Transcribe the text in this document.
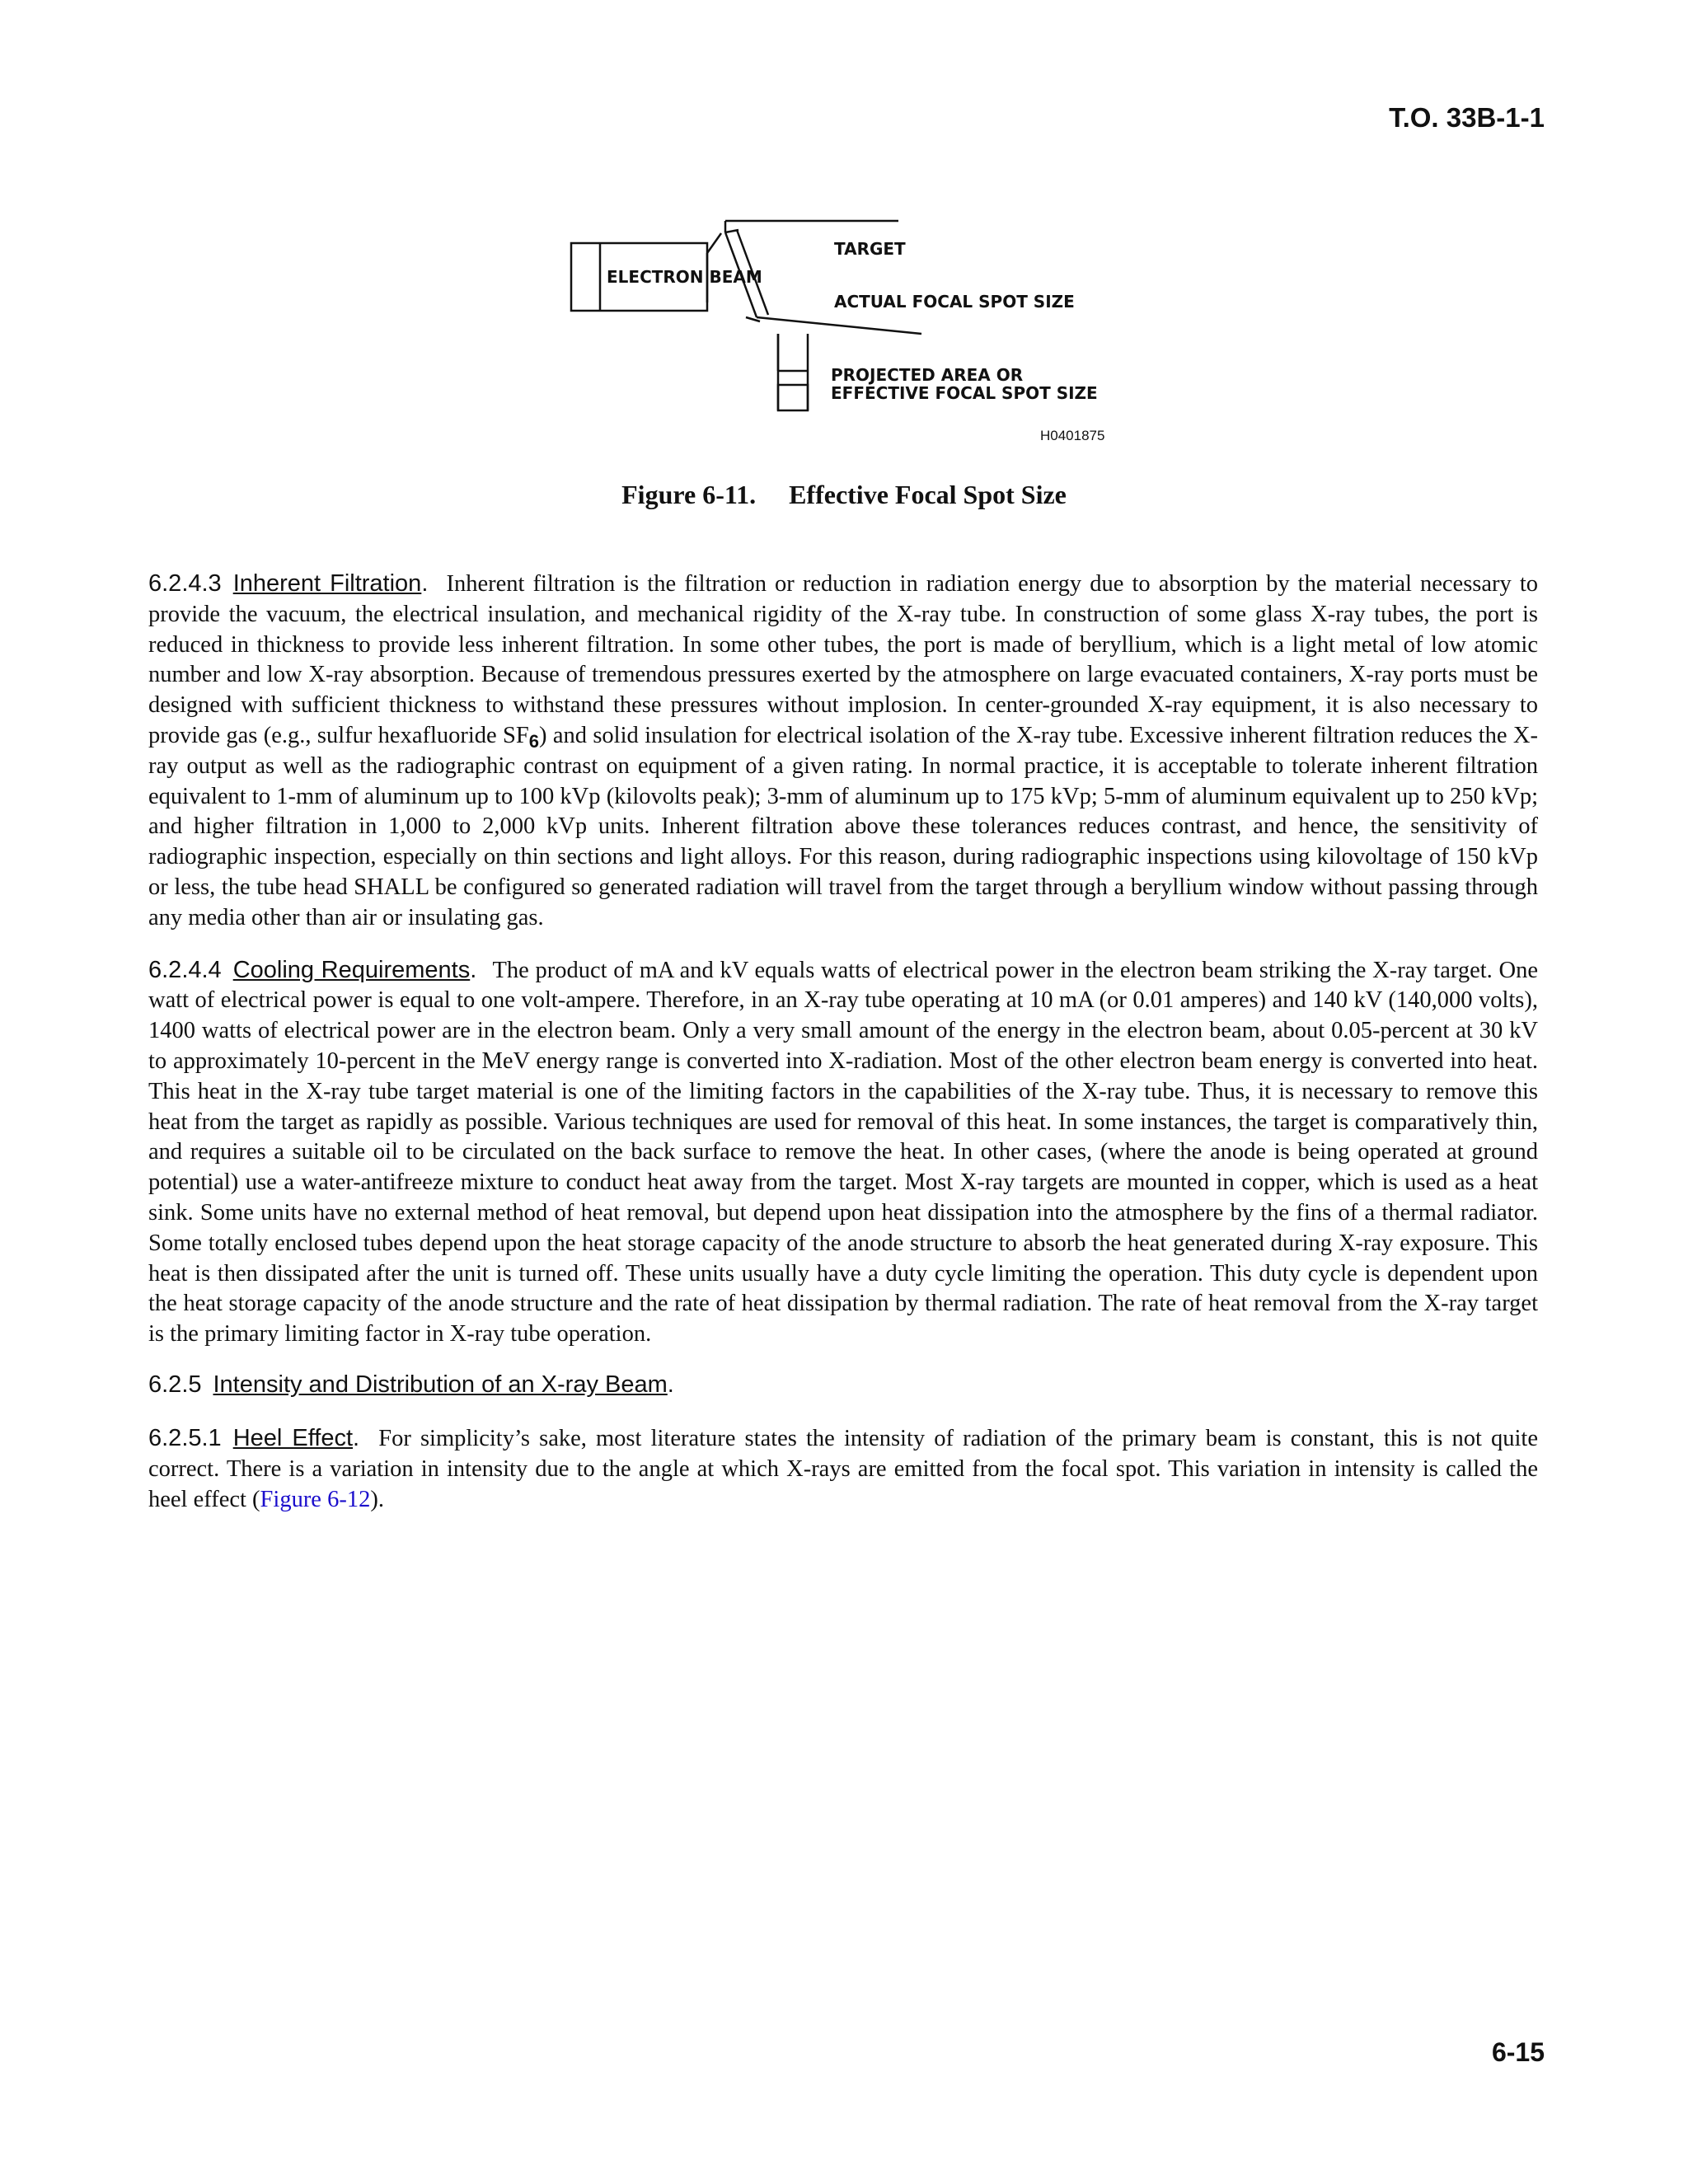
T.O. 33B-1-1
ELECTRON BEAM
TARGET
ACTUAL FOCAL SPOT SIZE
PROJECTED AREA OR
EFFECTIVE FOCAL SPOT SIZE
H0401875
Figure 6-11. Effective Focal Spot Size

6.2.4.3 Inherent Filtration. Inherent filtration is the filtration or reduction in radiation energy due to absorption by the material necessary to provide the vacuum, the electrical insulation, and mechanical rigidity of the X-ray tube. In construction of some glass X-ray tubes, the port is reduced in thickness to provide less inherent filtration. In some other tubes, the port is made of beryllium, which is a light metal of low atomic number and low X-ray absorption. Because of tremendous pressures exerted by the atmosphere on large evacuated containers, X-ray ports must be designed with sufficient thickness to withstand these pressures without implosion. In center-grounded X-ray equipment, it is also necessary to provide gas (e.g., sulfur hexafluoride $SF_6$) and solid insulation for electrical isolation of the X-ray tube. Excessive inherent filtration reduces the X-ray output as well as the radiographic contrast on equipment of a given rating. In normal practice, it is acceptable to tolerate inherent filtration equivalent to 1-mm of aluminum up to 100 kVp (kilovolts peak); 3-mm of aluminum up to 175 kVp; 5-mm of aluminum equivalent up to 250 kVp; and higher filtration in 1,000 to 2,000 kVp units. Inherent filtration above these tolerances reduces contrast, and hence, the sensitivity of radiographic inspection, especially on thin sections and light alloys. For this reason, during radiographic inspections using kilovoltage of 150 kVp or less, the tube head SHALL be configured so generated radiation will travel from the target through a beryllium window without passing through any media other than air or insulating gas.

6.2.4.4 Cooling Requirements. The product of mA and kV equals watts of electrical power in the electron beam striking the X-ray target. One watt of electrical power is equal to one volt-ampere. Therefore, in an X-ray tube operating at 10 mA (or 0.01 amperes) and 140 kV (140,000 volts), 1400 watts of electrical power are in the electron beam. Only a very small amount of the energy in the electron beam, about 0.05-percent at 30 kV to approximately 10-percent in the MeV energy range is converted into X-radiation. Most of the other electron beam energy is converted into heat. This heat in the X-ray tube target material is one of the limiting factors in the capabilities of the X-ray tube. Thus, it is necessary to remove this heat from the target as rapidly as possible. Various techniques are used for removal of this heat. In some instances, the target is comparatively thin, and requires a suitable oil to be circulated on the back surface to remove the heat. In other cases, (where the anode is being operated at ground potential) use a water-antifreeze mixture to conduct heat away from the target. Most X-ray targets are mounted in copper, which is used as a heat sink. Some units have no external method of heat removal, but depend upon heat dissipation into the atmosphere by the fins of a thermal radiator. Some totally enclosed tubes depend upon the heat storage capacity of the anode structure to absorb the heat generated during X-ray exposure. This heat is then dissipated after the unit is turned off. These units usually have a duty cycle limiting the operation. This duty cycle is dependent upon the heat storage capacity of the anode structure and the rate of heat dissipation by thermal radiation. The rate of heat removal from the X-ray target is the primary limiting factor in X-ray tube operation.

6.2.5 Intensity and Distribution of an X-ray Beam.

6.2.5.1 Heel Effect. For simplicity’s sake, most literature states the intensity of radiation of the primary beam is constant, this is not quite correct. There is a variation in intensity due to the angle at which X-rays are emitted from the focal spot. This variation in intensity is called the heel effect (Figure 6-12).

6-15
